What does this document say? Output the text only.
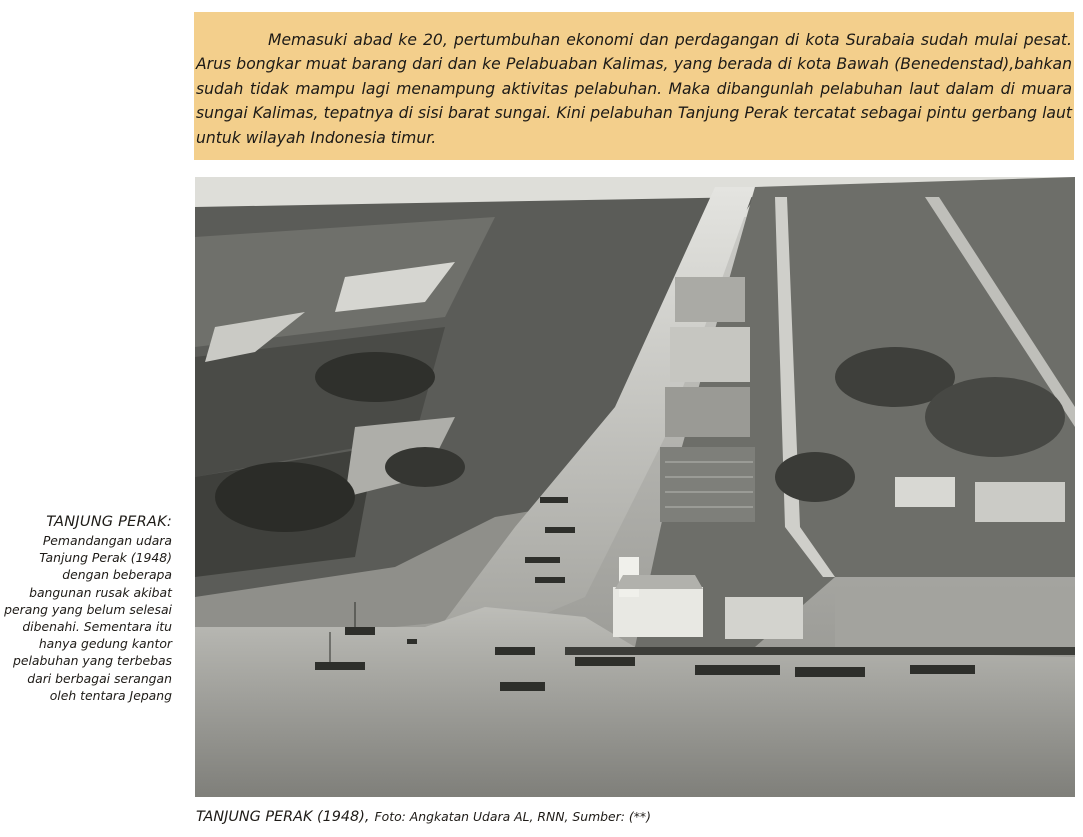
Memasuki abad ke 20, pertumbuhan ekonomi dan perdagangan di kota Surabaia sudah mulai pesat. Arus bongkar muat barang dari dan ke Pelabuaban Kalimas, yang berada di kota Bawah (Benedenstad),bahkan sudah tidak mampu lagi menampung aktivitas pelabuhan. Maka dibangunlah pelabuhan laut dalam di muara sungai Kalimas, tepatnya di sisi barat sungai. Kini pelabuhan Tanjung Perak tercatat sebagai pintu gerbang laut untuk wilayah Indonesia timur.

TANJUNG PERAK:
Pemandangan udara Tanjung Perak (1948) dengan beberapa bangunan rusak akibat perang yang belum selesai dibenahi. Sementara itu hanya gedung kantor pelabuhan yang terbebas dari berbagai serangan oleh tentara Jepang
TANJUNG PERAK (1948), Foto: Angkatan Udara AL, RNN, Sumber: (**)
